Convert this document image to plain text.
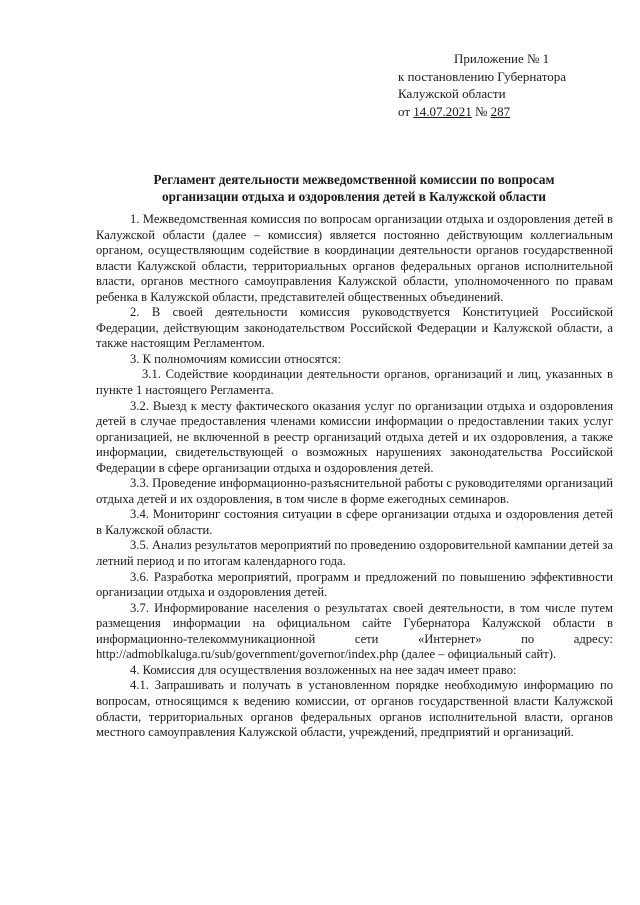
Приложение № 1
к постановлению Губернатора
Калужской области
от 14.07.2021 № 287
Регламент деятельности межведомственной комиссии по вопросам
организации отдыха и оздоровления детей в Калужской области

1. Межведомственная комиссия по вопросам организации отдыха и оздоровления детей в Калужской области (далее – комиссия) является постоянно действующим коллегиальным органом, осуществляющим содействие в координации деятельности органов государственной власти Калужской области, территориальных органов федеральных органов исполнительной власти, органов местного самоуправления Калужской области, уполномоченного по правам ребенка в Калужской области, представителей общественных объединений.

2. В своей деятельности комиссия руководствуется Конституцией Российской Федерации, действующим законодательством Российской Федерации и Калужской области, а также настоящим Регламентом.

3. К полномочиям комиссии относятся:

3.1. Содействие координации деятельности органов, организаций и лиц, указанных в пункте 1 настоящего Регламента.

3.2. Выезд к месту фактического оказания услуг по организации отдыха и оздоровления детей в случае предоставления членами комиссии информации о предоставлении таких услуг организацией, не включенной в реестр организаций отдыха детей и их оздоровления, а также информации, свидетельствующей о возможных нарушениях законодательства Российской Федерации в сфере организации отдыха и оздоровления детей.

3.3. Проведение информационно-разъяснительной работы с руководителями организаций отдыха детей и их оздоровления, в том числе в форме ежегодных семинаров.

3.4. Мониторинг состояния ситуации в сфере организации отдыха и оздоровления детей в Калужской области.

3.5. Анализ результатов мероприятий по проведению оздоровительной кампании детей за летний период и по итогам календарного года.

3.6. Разработка мероприятий, программ и предложений по повышению эффективности организации отдыха и оздоровления детей.

3.7. Информирование населения о результатах своей деятельности, в том числе путем размещения информации на официальном сайте Губернатора Калужской области в информационно-телекоммуникационной сети «Интернет» по адресу: http://admoblkaluga.ru/sub/government/governor/index.php (далее – официальный сайт).

4. Комиссия для осуществления возложенных на нее задач имеет право:

4.1. Запрашивать и получать в установленном порядке необходимую информацию по вопросам, относящимся к ведению комиссии, от органов государственной власти Калужской области, территориальных органов федеральных органов исполнительной власти, органов местного самоуправления Калужской области, учреждений, предприятий и организаций.
